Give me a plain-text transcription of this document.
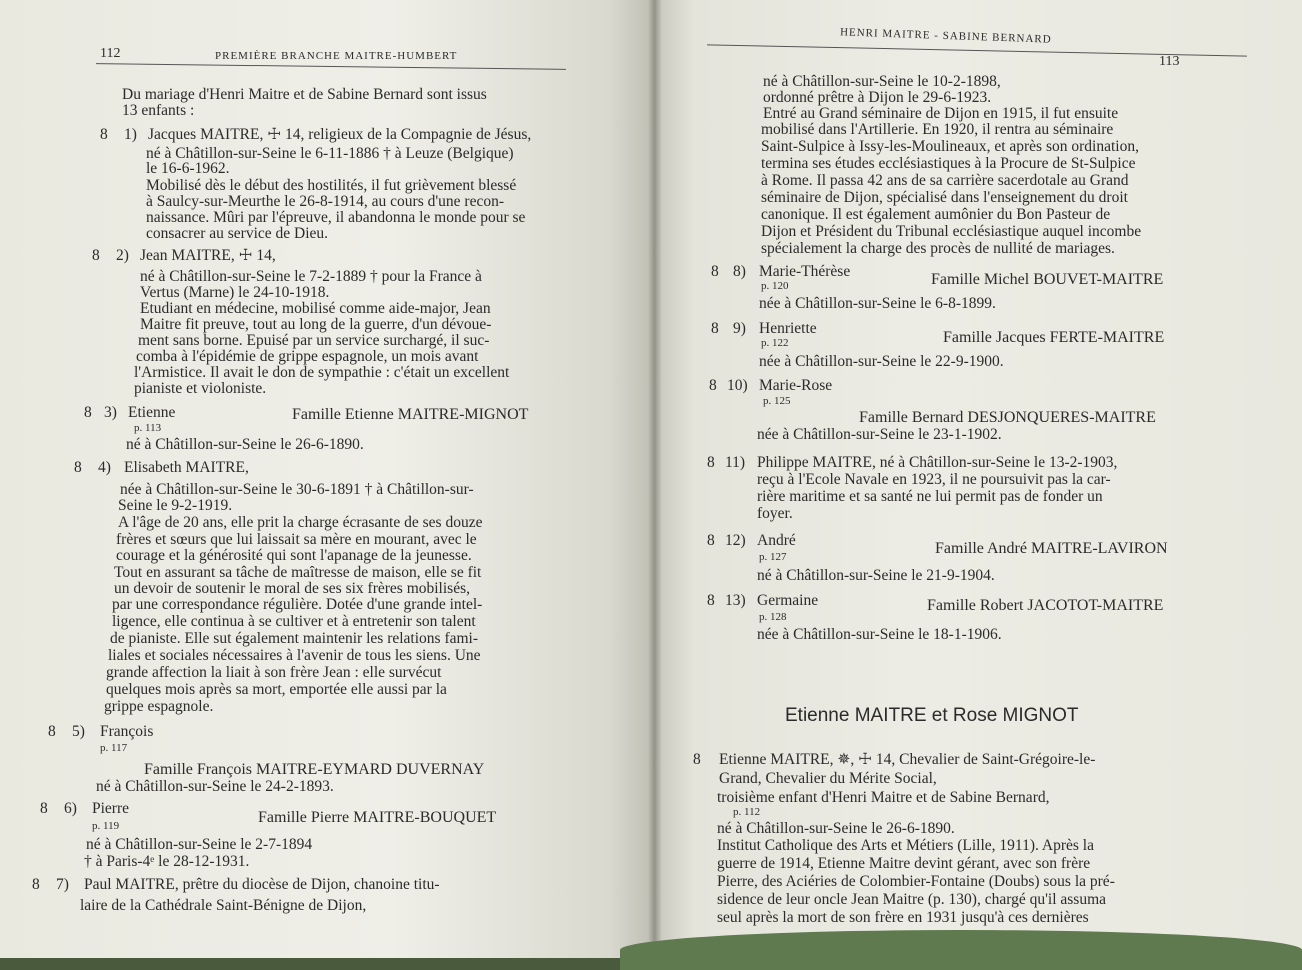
112	PREMIÈRE BRANCHE MAITRE-HUMBERT
Du mariage d'Henri Maitre et de Sabine Bernard sont issus
13 enfants :
8 1) Jacques MAITRE, ☩ 14, religieux de la Compagnie de Jésus,
né à Châtillon-sur-Seine le 6-11-1886 † à Leuze (Belgique)
le 16-6-1962.
Mobilisé dès le début des hostilités, il fut grièvement blessé
à Saulcy-sur-Meurthe le 26-8-1914, au cours d'une recon-
naissance. Mûri par l'épreuve, il abandonna le monde pour se
consacrer au service de Dieu.
8 2) Jean MAITRE, ☩ 14,
né à Châtillon-sur-Seine le 7-2-1889 † pour la France à
Vertus (Marne) le 24-10-1918.
Etudiant en médecine, mobilisé comme aide-major, Jean
Maitre fit preuve, tout au long de la guerre, d'un dévoue-
ment sans borne. Epuisé par un service surchargé, il suc-
comba à l'épidémie de grippe espagnole, un mois avant
l'Armistice. Il avait le don de sympathie : c'était un excellent
pianiste et violoniste.
8 3) Etienne	Famille Etienne MAITRE-MIGNOT
p. 113
né à Châtillon-sur-Seine le 26-6-1890.
8 4) Elisabeth MAITRE,
née à Châtillon-sur-Seine le 30-6-1891 † à Châtillon-sur-
Seine le 9-2-1919.
A l'âge de 20 ans, elle prit la charge écrasante de ses douze
frères et sœurs que lui laissait sa mère en mourant, avec le
courage et la générosité qui sont l'apanage de la jeunesse.
Tout en assurant sa tâche de maîtresse de maison, elle se fit
un devoir de soutenir le moral de ses six frères mobilisés,
par une correspondance régulière. Dotée d'une grande intel-
ligence, elle continua à se cultiver et à entretenir son talent
de pianiste. Elle sut également maintenir les relations fami-
liales et sociales nécessaires à l'avenir de tous les siens. Une
grande affection la liait à son frère Jean : elle survécut
quelques mois après sa mort, emportée elle aussi par la
grippe espagnole.
8 5) François
p. 117
Famille François MAITRE-EYMARD DUVERNAY
né à Châtillon-sur-Seine le 24-2-1893.
8 6) Pierre
Famille Pierre MAITRE-BOUQUET
p. 119
né à Châtillon-sur-Seine le 2-7-1894
† à Paris-4ᵉ le 28-12-1931.
8 7) Paul MAITRE, prêtre du diocèse de Dijon, chanoine titu-
laire de la Cathédrale Saint-Bénigne de Dijon,
HENRI MAITRE - SABINE BERNARD
113
né à Châtillon-sur-Seine le 10-2-1898,
ordonné prêtre à Dijon le 29-6-1923.
Entré au Grand séminaire de Dijon en 1915, il fut ensuite
mobilisé dans l'Artillerie. En 1920, il rentra au séminaire
Saint-Sulpice à Issy-les-Moulineaux, et après son ordination,
termina ses études ecclésiastiques à la Procure de St-Sulpice
à Rome. Il passa 42 ans de sa carrière sacerdotale au Grand
séminaire de Dijon, spécialisé dans l'enseignement du droit
canonique. Il est également aumônier du Bon Pasteur de
Dijon et Président du Tribunal ecclésiastique auquel incombe
spécialement la charge des procès de nullité de mariages.
8 8) Marie-Thérèse	Famille Michel BOUVET-MAITRE
p. 120
née à Châtillon-sur-Seine le 6-8-1899.
8 9) Henriette
Famille Jacques FERTE-MAITRE
p. 122
née à Châtillon-sur-Seine le 22-9-1900.
8 10) Marie-Rose
p. 125
Famille Bernard DESJONQUERES-MAITRE
née à Châtillon-sur-Seine le 23-1-1902.
8 11) Philippe MAITRE, né à Châtillon-sur-Seine le 13-2-1903,
reçu à l'Ecole Navale en 1923, il ne poursuivit pas la car-
rière maritime et sa santé ne lui permit pas de fonder un
foyer.
8 12) André	Famille André MAITRE-LAVIRON
p. 127
né à Châtillon-sur-Seine le 21-9-1904.
8 13) Germaine	Famille Robert JACOTOT-MAITRE
p. 128
née à Châtillon-sur-Seine le 18-1-1906.
Etienne MAITRE et Rose MIGNOT
8 Etienne MAITRE, ✵, ☩ 14, Chevalier de Saint-Grégoire-le-
Grand, Chevalier du Mérite Social,
troisième enfant d'Henri Maitre et de Sabine Bernard,
p. 112
né à Châtillon-sur-Seine le 26-6-1890.
Institut Catholique des Arts et Métiers (Lille, 1911). Après la
guerre de 1914, Etienne Maitre devint gérant, avec son frère
Pierre, des Aciéries de Colombier-Fontaine (Doubs) sous la pré-
sidence de leur oncle Jean Maitre (p. 130), chargé qu'il assuma
seul après la mort de son frère en 1931 jusqu'à ces dernières
